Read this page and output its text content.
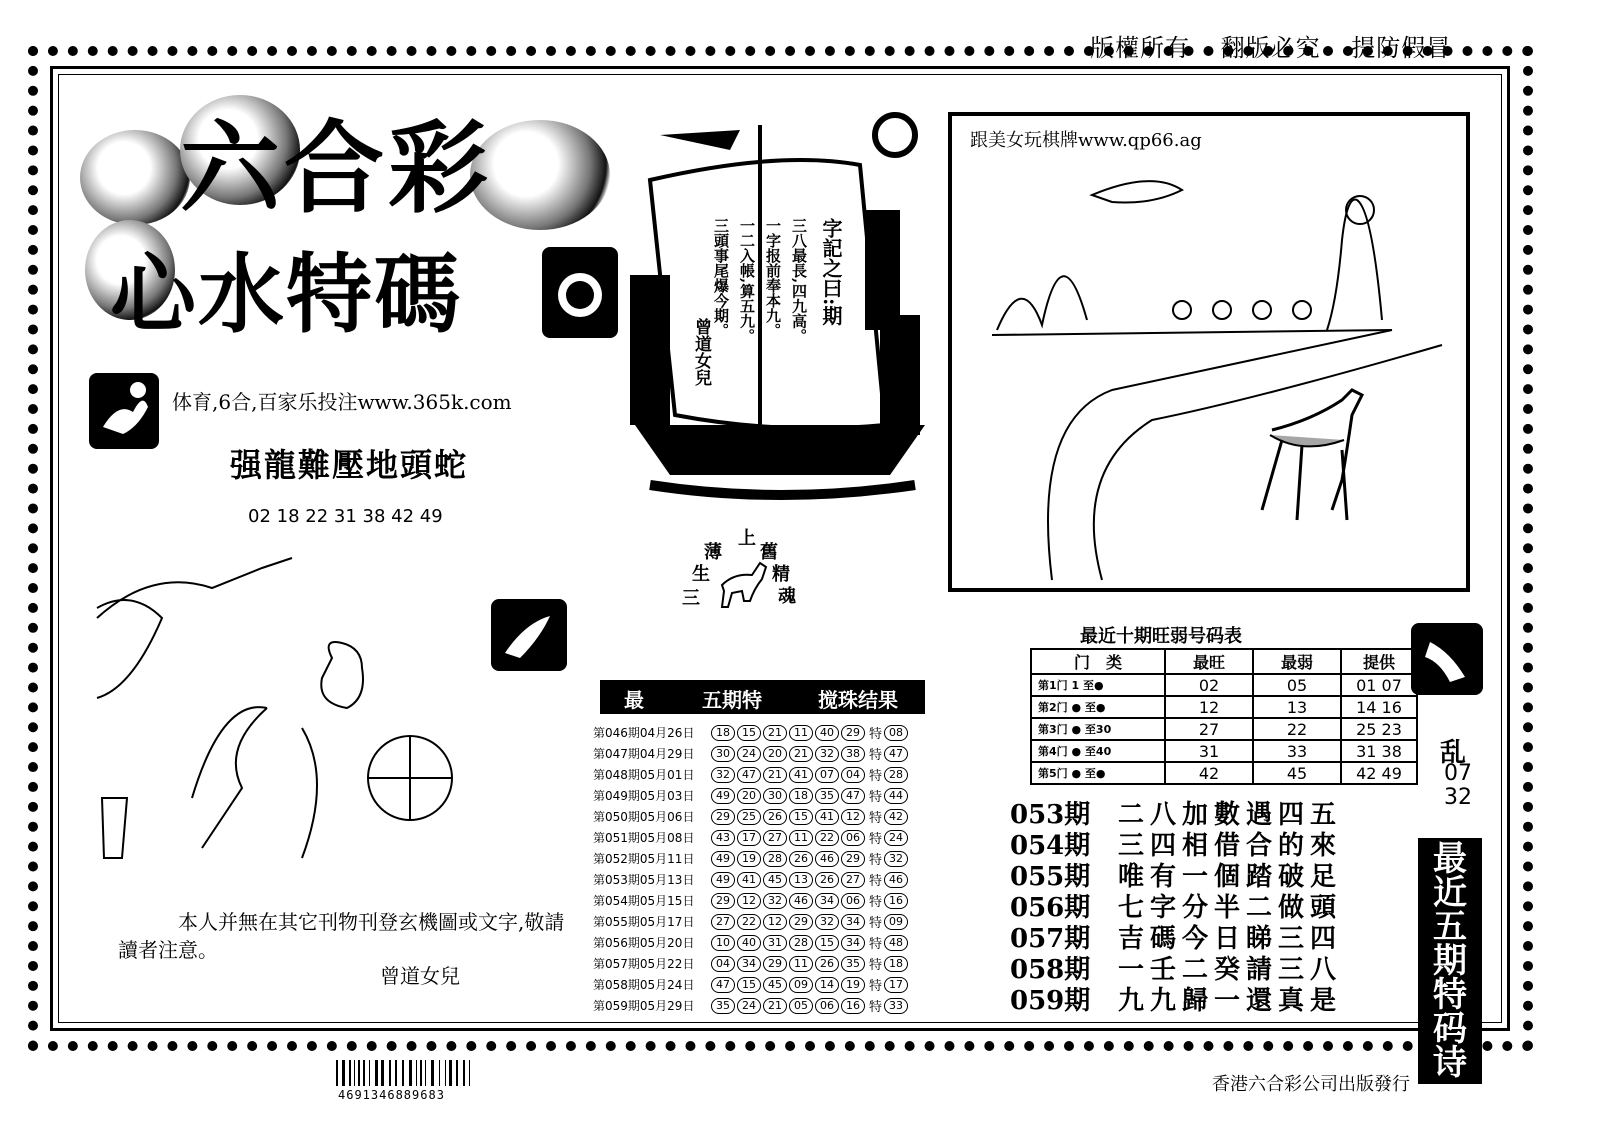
版權所有 翻版必究 提防假冒
六合彩
心水特碼
体育,6合,百家乐投注www.365k.com
强龍難壓地頭蛇
02 18 22 31 38 42 49
字記之曰:期
三八最長,四九高。
一字报前奉本九。
一二入帳,算五九。
三頭事尾爆今期。
曾道女兒
上
舊
薄
精
生
魂
三
跟美女玩棋牌www.qp66.ag
本人并無在其它刊物刊登玄機圖或文字,敬請讀者注意。
曾道女兒
最	五期特	搅珠结果
第046期04月26日	18	15	21	11	40	29 特 08
第047期04月29日	30	24	20	21	32	38 特 47
第048期05月01日	32	47	21	41	07	04 特 28
第049期05月03日	49	20	30	18	35	47 特 44
第050期05月06日	29	25	26	15	41	12 特 42
第051期05月08日	43	17	27	11	22	06 特 24
第052期05月11日	49	19	28	26	46	29 特 32
第053期05月13日	49	41	45	13	26	27 特 46
第054期05月15日	29	12	32	46	34	06 特 16
第055期05月17日	27	22	12	29	32	34 特 09
第056期05月20日	10	40	31	28	15	34 特 48
第057期05月22日	04	34	29	11	26	35 特 18
第058期05月24日	47	15	45	09	14	19 特 17
第059期05月29日	35	24	21	05	06	16 特 33
最近十期旺弱号码表
门　类	最旺	最弱	提供
第1门 1 至●	02	05	01 07
第2门 ● 至●	12	13	14 16
第3门 ● 至30	27	22	25 23
第4门 ● 至40	31	33	31 38
第5门 ● 至●	42	45	42 49
053期 二八加數遇四五
054期 三四相借合的來
055期 唯有一個踏破足
056期 七字分半二做頭
057期 吉碼今日睇三四
058期 一壬二癸請三八
059期 九九歸一還真是
乱
07
32
最
近
五
期
特
码
诗
4691346889683	香港六合彩公司出版發行
